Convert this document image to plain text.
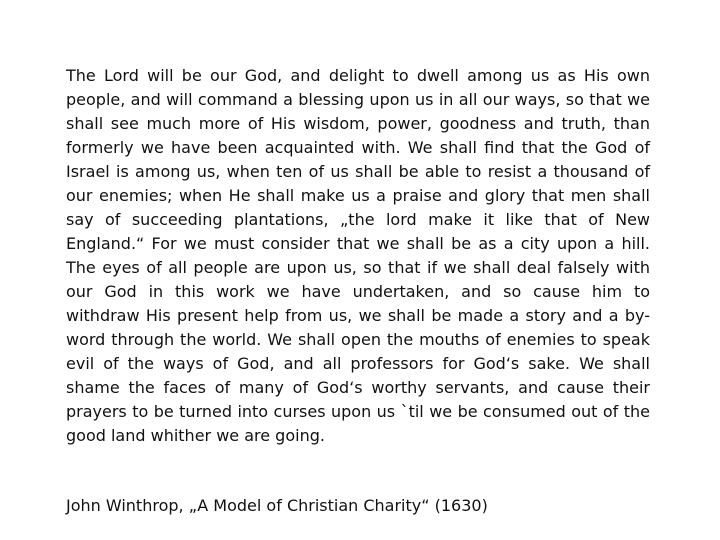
The Lord will be our God, and delight to dwell among us as His own
people, and will command a blessing upon us in all our ways, so that we
shall see much more of His wisdom, power, goodness and truth, than
formerly we have been acquainted with. We shall find that the God of
Israel is among us, when ten of us shall be able to resist a thousand of
our enemies; when He shall make us a praise and glory that men shall
say of succeeding plantations, „the lord make it like that of New
England.“ For we must consider that we shall be as a city upon a hill.
The eyes of all people are upon us, so that if we shall deal falsely with
our God in this work we have undertaken, and so cause him to
withdraw His present help from us, we shall be made a story and a by-
word through the world. We shall open the mouths of enemies to speak
evil of the ways of God, and all professors for God‘s sake. We shall
shame the faces of many of God‘s worthy servants, and cause their
prayers to be turned into curses upon us `til we be consumed out of the
good land whither we are going.

John Winthrop, „A Model of Christian Charity“ (1630)
